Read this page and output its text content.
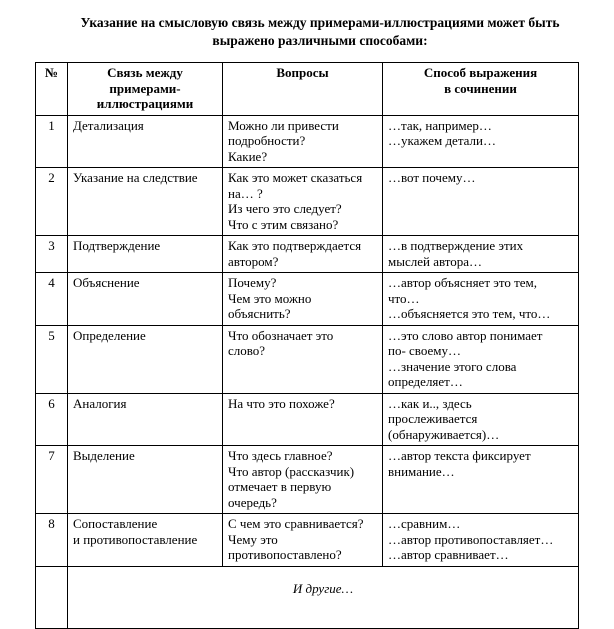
Указание на смысловую связь между примерами-иллюстрациями может быть
выражено различными способами:
№	Связь между
примерами-
иллюстрациями	Вопросы	Способ выражения
в сочинении

1	Детализация	Можно ли привести
подробности?
Какие?	…так, например…
…укажем детали…

2	Указание на следствие	Как это может сказаться
на… ?
Из чего это следует?
Что с этим связано?	…вот почему…

3	Подтверждение	Как это подтверждается
автором?	…в подтверждение этих
мыслей автора…

4	Объяснение	Почему?
Чем это можно
объяснить?	…автор объясняет это тем,
что…
…объясняется это тем, что…

5	Определение	Что обозначает это
слово?	…это слово автор понимает
по- своему…
…значение этого слова
определяет…

6	Аналогия	На что это похоже?	…как и.., здесь
прослеживается
(обнаруживается)…

7	Выделение	Что здесь главное?
Что автор (рассказчик)
отмечает в первую
очередь?	…автор текста фиксирует
внимание…

8	Сопоставление
и противопоставление	С чем это сравнивается?
Чему это
противопоставлено?	…сравним…
…автор противопоставляет…
…автор сравнивает…

	И другие…		
